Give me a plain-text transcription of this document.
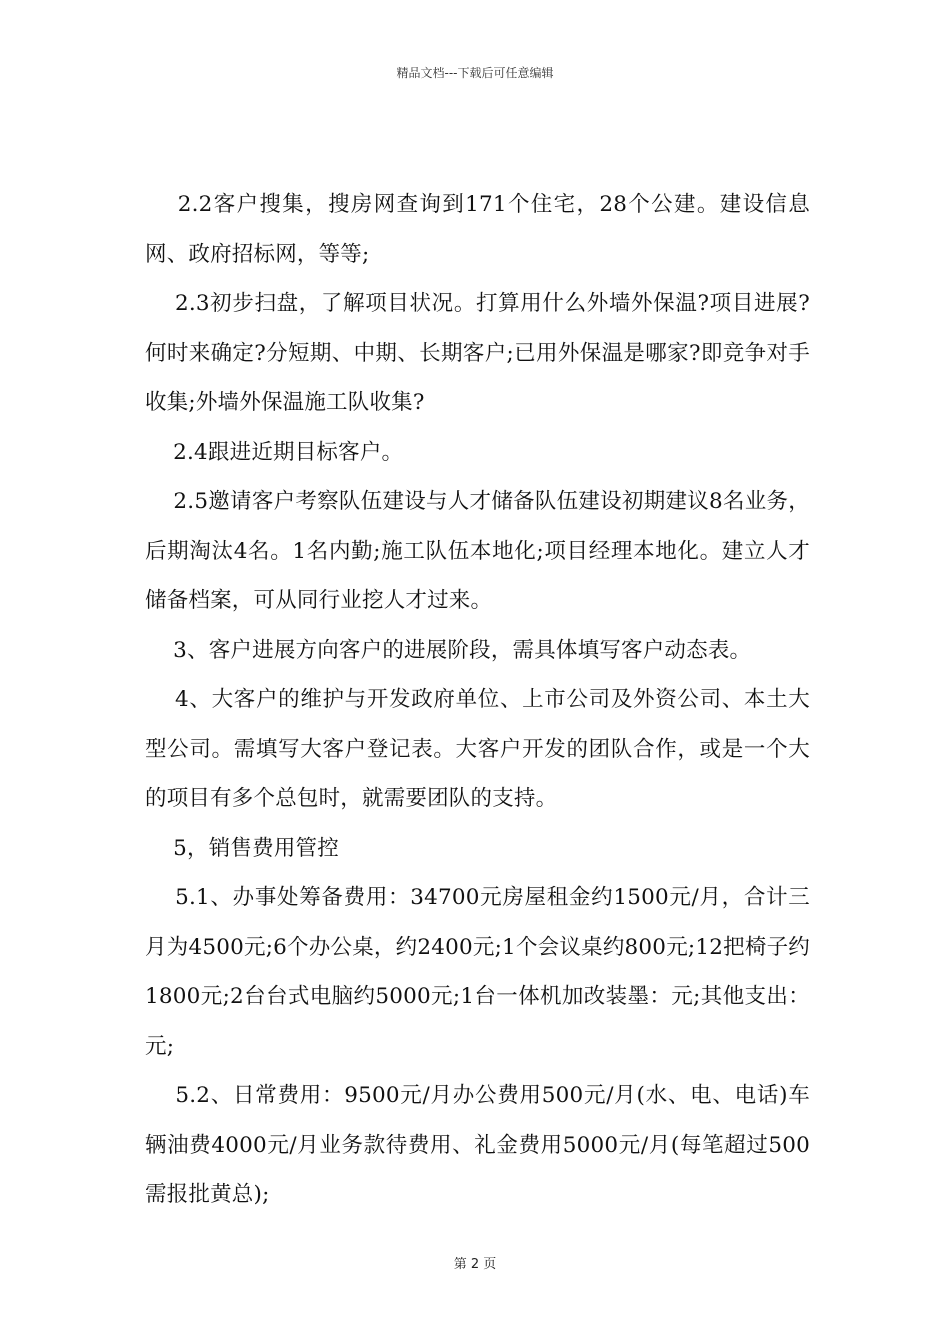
精品文档---下载后可任意编辑

2.2客户搜集，搜房网查询到171个住宅，28个公建。建设信息网、政府招标网，等等;

2.3初步扫盘，了解项目状况。打算用什么外墙外保温?项目进展?何时来确定?分短期、中期、长期客户;已用外保温是哪家?即竞争对手收集;外墙外保温施工队收集?

2.4跟进近期目标客户。

2.5邀请客户考察队伍建设与人才储备队伍建设初期建议8名业务，后期淘汰4名。1名内勤;施工队伍本地化;项目经理本地化。建立人才储备档案，可从同行业挖人才过来。

3、客户进展方向客户的进展阶段，需具体填写客户动态表。

4、大客户的维护与开发政府单位、上市公司及外资公司、本土大型公司。需填写大客户登记表。大客户开发的团队合作，或是一个大的项目有多个总包时，就需要团队的支持。

5，销售费用管控

5.1、办事处筹备费用：34700元房屋租金约1500元/月，合计三月为4500元;6个办公桌，约2400元;1个会议桌约800元;12把椅子约1800元;2台台式电脑约5000元;1台一体机加改装墨：元;其他支出：元;

5.2、日常费用：9500元/月办公费用500元/月(水、电、电话)车辆油费4000元/月业务款待费用、礼金费用5000元/月(每笔超过500需报批黄总);

第 2 页
